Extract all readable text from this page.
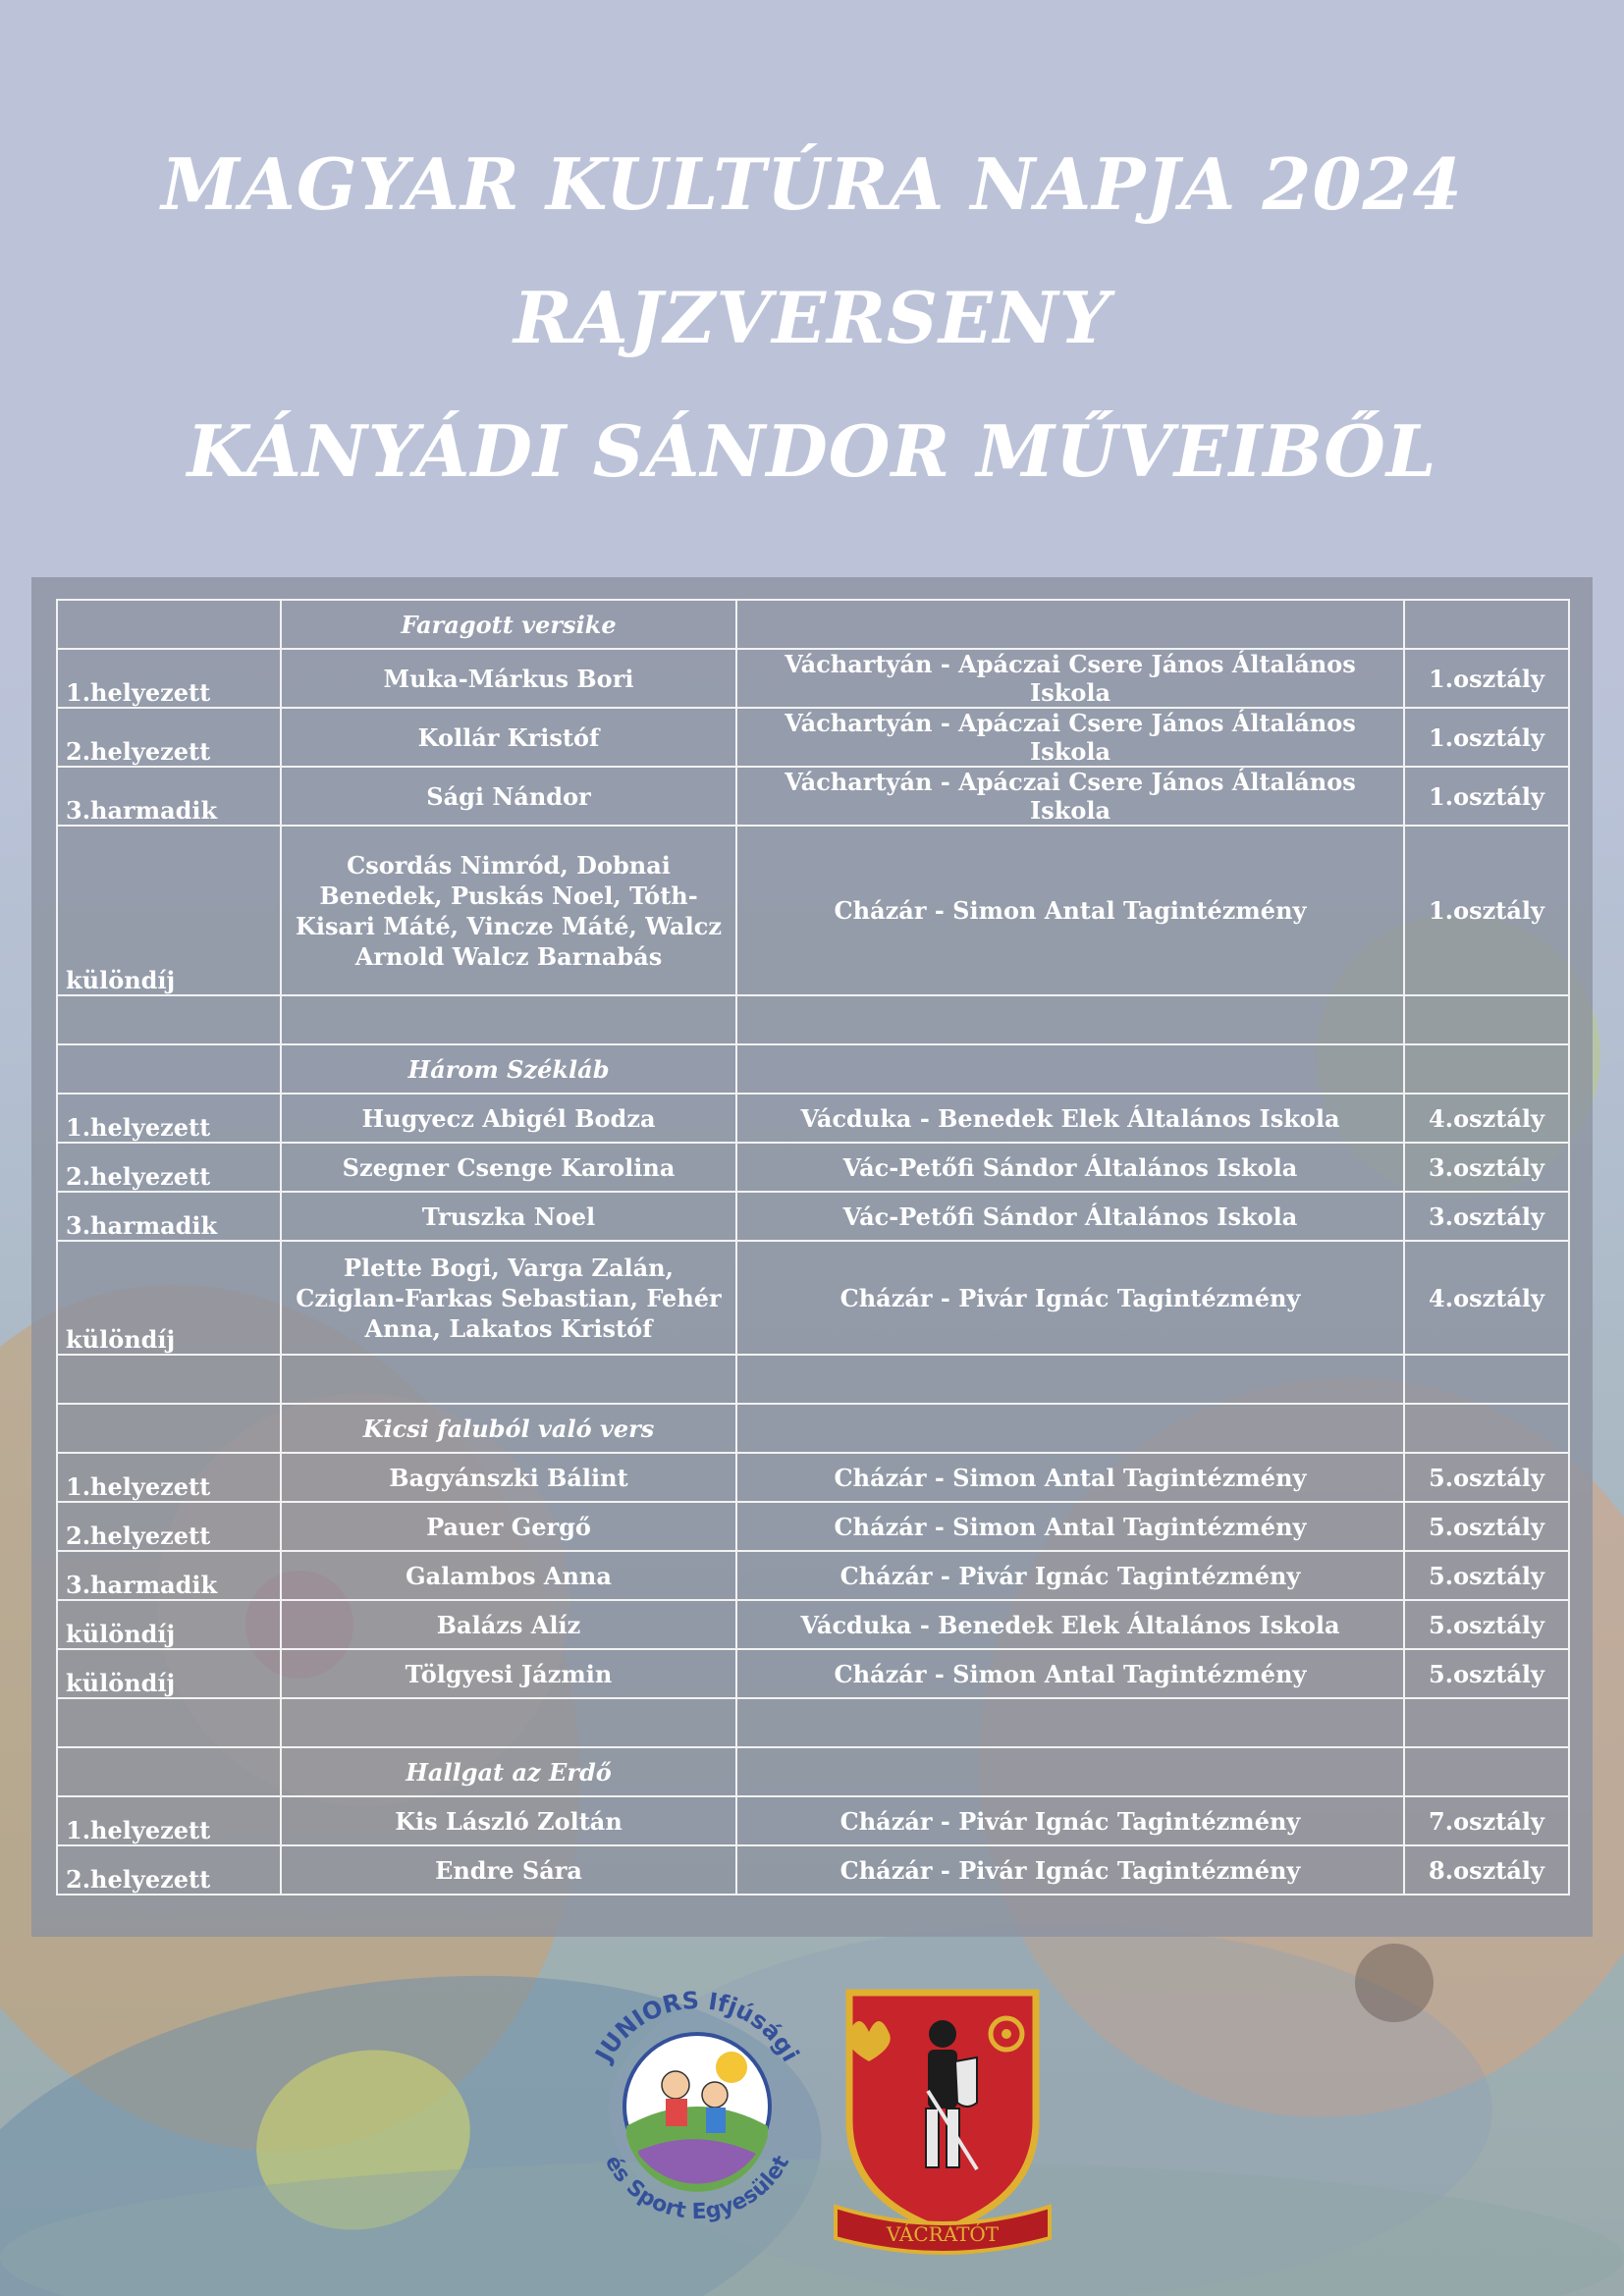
MAGYAR KULTÚRA NAPJA 2024
RAJZVERSENY
KÁNYÁDI SÁNDOR MŰVEIBŐL
	Faragott versike		
1.helyezett	Muka-Márkus Bori	Váchartyán - Apáczai Csere János Általános Iskola	1.osztály
2.helyezett	Kollár Kristóf	Váchartyán - Apáczai Csere János Általános Iskola	1.osztály
3.harmadik	Sági Nándor	Váchartyán - Apáczai Csere János Általános Iskola	1.osztály
különdíj	Csordás Nimród, Dobnai Benedek, Puskás Noel, Tóth-Kisari Máté, Vincze Máté, Walcz Arnold Walcz Barnabás	Cházár - Simon Antal Tagintézmény	1.osztály

	Három Székláb		
1.helyezett	Hugyecz Abigél Bodza	Vácduka - Benedek Elek Általános Iskola	4.osztály
2.helyezett	Szegner Csenge Karolina	Vác-Petőfi Sándor Általános Iskola	3.osztály
3.harmadik	Truszka Noel	Vác-Petőfi Sándor Általános Iskola	3.osztály
különdíj	Plette Bogi, Varga Zalán, Cziglan-Farkas Sebastian, Fehér Anna, Lakatos Kristóf	Cházár - Pivár Ignác Tagintézmény	4.osztály

	Kicsi faluból való vers		
1.helyezett	Bagyánszki Bálint	Cházár - Simon Antal Tagintézmény	5.osztály
2.helyezett	Pauer Gergő	Cházár - Simon Antal Tagintézmény	5.osztály
3.harmadik	Galambos Anna	Cházár - Pivár Ignác Tagintézmény	5.osztály
különdíj	Balázs Alíz	Vácduka - Benedek Elek Általános Iskola	5.osztály
különdíj	Tölgyesi Jázmin	Cházár - Simon Antal Tagintézmény	5.osztály

	Hallgat az Erdő		
1.helyezett	Kis László Zoltán	Cházár - Pivár Ignác Tagintézmény	7.osztály
2.helyezett	Endre Sára	Cházár - Pivár Ignác Tagintézmény	8.osztály
JUNIORS Ifjúsági
és Sport Egyesület
VÁCRÁTÓT
